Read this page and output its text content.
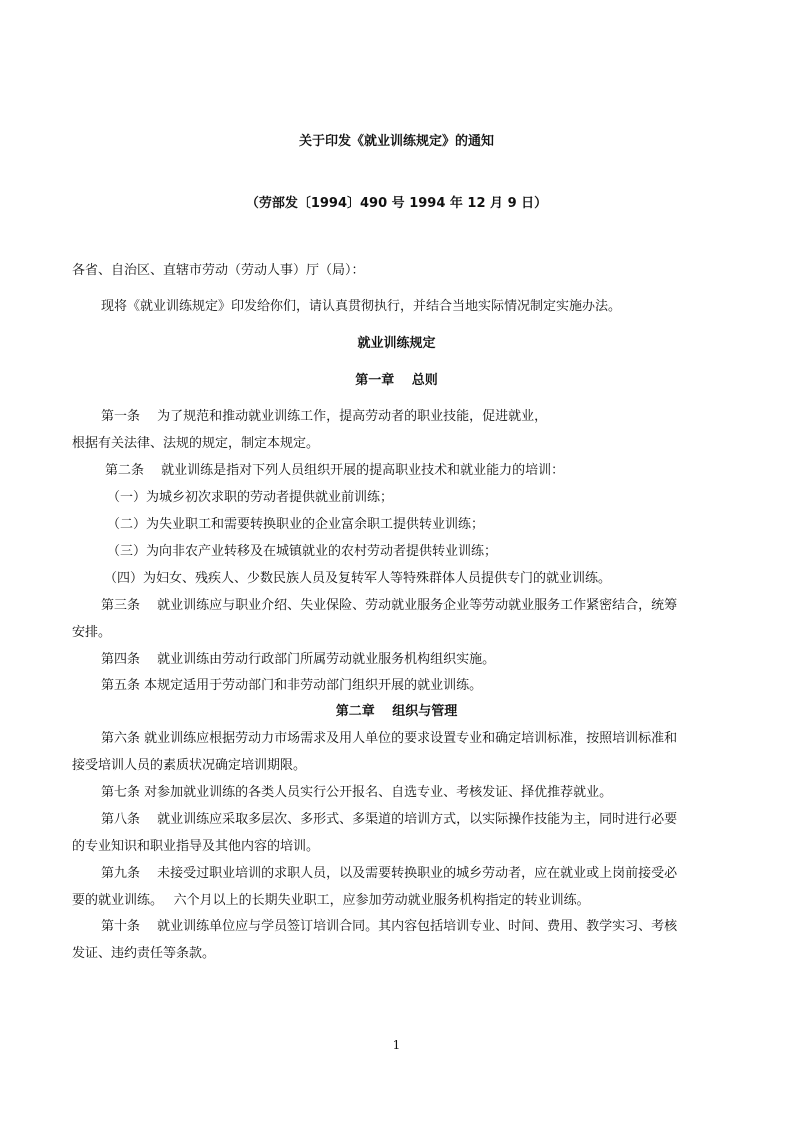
关于印发《就业训练规定》的通知
（劳部发〔1994〕490 号 1994 年 12 月 9 日）
各省、自治区、直辖市劳动（劳动人事）厅（局）：
现将《就业训练规定》印发给你们，请认真贯彻执行，并结合当地实际情况制定实施办法。
就业训练规定
第一章　 总则
第一条　 为了规范和推动就业训练工作，提高劳动者的职业技能，促进就业，
根据有关法律、法规的规定，制定本规定。
第二条　 就业训练是指对下列人员组织开展的提高职业技术和就业能力的培训：
（一）为城乡初次求职的劳动者提供就业前训练；
（二）为失业职工和需要转换职业的企业富余职工提供转业训练；
（三）为向非农产业转移及在城镇就业的农村劳动者提供转业训练；
（四）为妇女、残疾人、少数民族人员及复转军人等特殊群体人员提供专门的就业训练。
第三条　 就业训练应与职业介绍、失业保险、劳动就业服务企业等劳动就业服务工作紧密结合，统筹
安排。
第四条　 就业训练由劳动行政部门所属劳动就业服务机构组织实施。
第五条 本规定适用于劳动部门和非劳动部门组织开展的就业训练。
第二章　 组织与管理
第六条 就业训练应根据劳动力市场需求及用人单位的要求设置专业和确定培训标准，按照培训标准和
接受培训人员的素质状况确定培训期限。
第七条 对参加就业训练的各类人员实行公开报名、自选专业、考核发证、择优推荐就业。
第八条　 就业训练应采取多层次、多形式、多渠道的培训方式，以实际操作技能为主，同时进行必要
的专业知识和职业指导及其他内容的培训。
第九条　 未接受过职业培训的求职人员，以及需要转换职业的城乡劳动者，应在就业或上岗前接受必
要的就业训练。　 六个月以上的长期失业职工，应参加劳动就业服务机构指定的转业训练。
第十条　 就业训练单位应与学员签订培训合同。其内容包括培训专业、时间、费用、教学实习、考核
发证、违约责任等条款。
1
